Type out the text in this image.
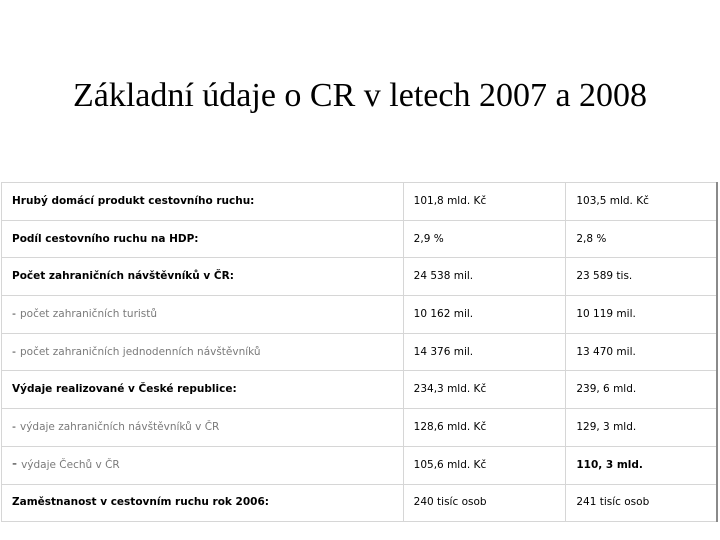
Základní údaje o CR v letech 2007 a 2008
Hrubý domácí produkt cestovního ruchu:	101,8 mld. Kč	103,5 mld. Kč
Podíl cestovního ruchu na HDP:	2,9 %	2,8 %
Počet zahraničních návštěvníků v ČR:	24 538 mil.	23 589 tis.
- počet zahraničních turistů	10 162 mil.	10 119 mil.
- počet zahraničních jednodenních návštěvníků	14 376 mil.	13 470 mil.
Výdaje realizované v České republice:	234,3 mld. Kč	239, 6 mld.
- výdaje zahraničních návštěvníků v ČR	128,6 mld. Kč	129, 3 mld.
- výdaje Čechů v ČR	105,6 mld. Kč	110, 3 mld.
Zaměstnanost v cestovním ruchu rok 2006:	240 tisíc osob	241 tisíc osob
